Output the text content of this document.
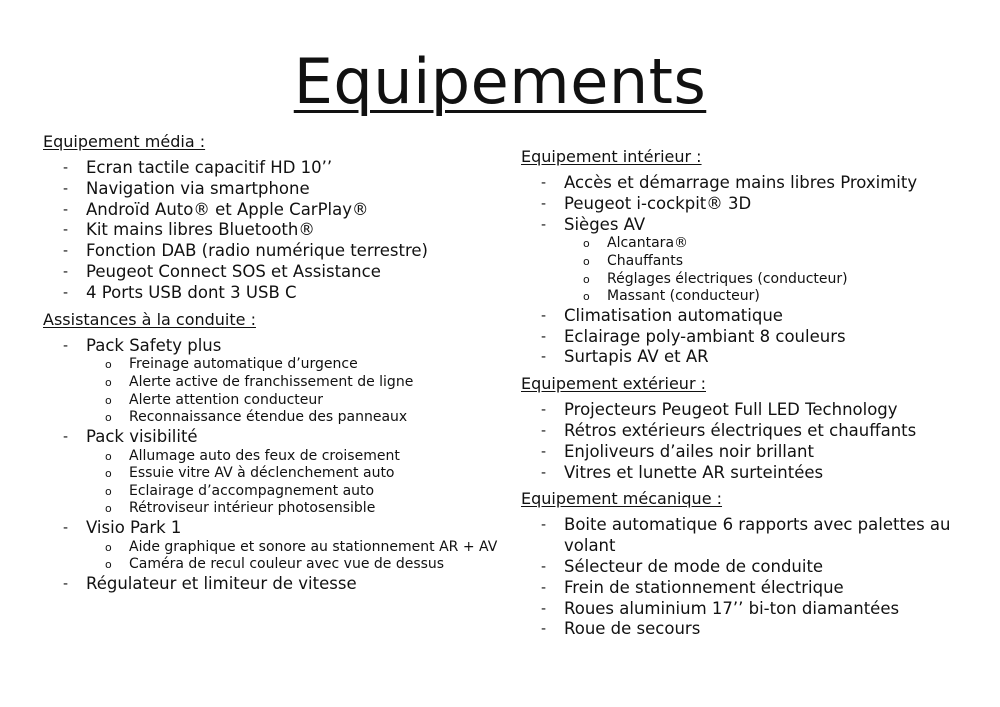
Equipements
Equipement média :
- Ecran tactile capacitif HD 10’’
- Navigation via smartphone
- Androïd Auto® et Apple CarPlay®
- Kit mains libres Bluetooth®
- Fonction DAB (radio numérique terrestre)
- Peugeot Connect SOS et Assistance
- 4 Ports USB dont 3 USB C
Assistances à la conduite :
- Pack Safety plus
o Freinage automatique d’urgence
o Alerte active de franchissement de ligne
o Alerte attention conducteur
o Reconnaissance étendue des panneaux
- Pack visibilité
o Allumage auto des feux de croisement
o Essuie vitre AV à déclenchement auto
o Eclairage d’accompagnement auto
o Rétroviseur intérieur photosensible
- Visio Park 1
o Aide graphique et sonore au stationnement AR + AV
o Caméra de recul couleur avec vue de dessus
- Régulateur et limiteur de vitesse
Equipement intérieur :
- Accès et démarrage mains libres Proximity
- Peugeot i-cockpit® 3D
- Sièges AV
o Alcantara®
o Chauffants
o Réglages électriques (conducteur)
o Massant (conducteur)
- Climatisation automatique
- Eclairage poly-ambiant 8 couleurs
- Surtapis AV et AR
Equipement extérieur :
- Projecteurs Peugeot Full LED Technology
- Rétros extérieurs électriques et chauffants
- Enjoliveurs d’ailes noir brillant
- Vitres et lunette AR surteintées
Equipement mécanique :
- Boite automatique 6 rapports avec palettes au volant
- Sélecteur de mode de conduite
- Frein de stationnement électrique
- Roues aluminium 17’’ bi-ton diamantées
- Roue de secours
